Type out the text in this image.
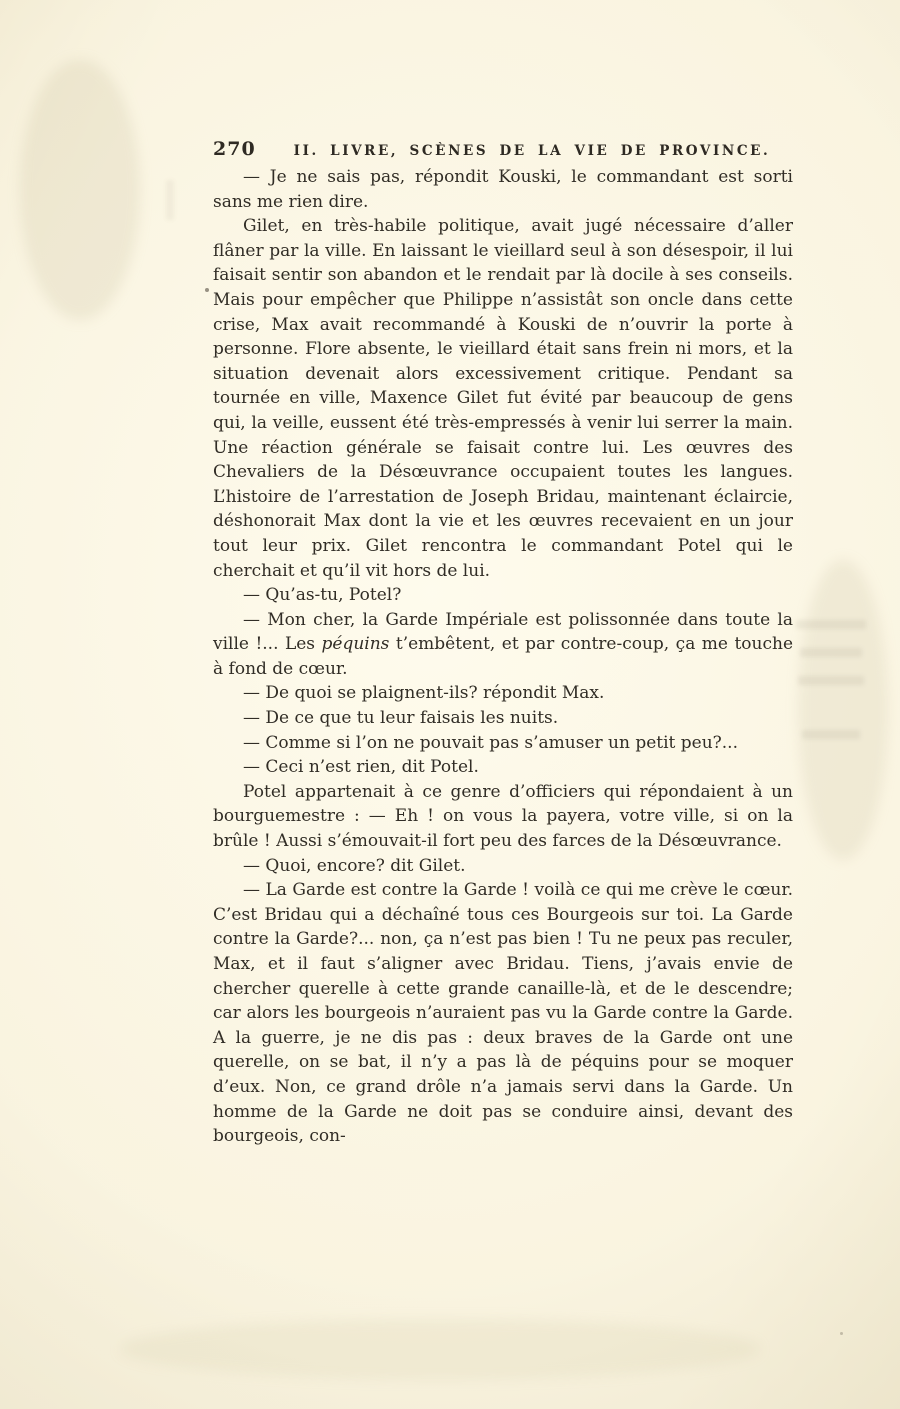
270	II. LIVRE, SCÈNES DE LA VIE DE PROVINCE.

— Je ne sais pas, répondit Kouski, le commandant est sorti sans me rien dire.

Gilet, en très-habile politique, avait jugé nécessaire d’aller flâner par la ville. En laissant le vieillard seul à son désespoir, il lui faisait sentir son abandon et le rendait par là docile à ses conseils. Mais pour empêcher que Philippe n’assistât son oncle dans cette crise, Max avait recommandé à Kouski de n’ouvrir la porte à personne. Flore absente, le vieillard était sans frein ni mors, et la situation devenait alors excessivement critique. Pendant sa tournée en ville, Maxence Gilet fut évité par beaucoup de gens qui, la veille, eussent été très-empressés à venir lui serrer la main. Une réaction générale se faisait contre lui. Les œuvres des Chevaliers de la Désœuvrance occupaient toutes les langues. L’histoire de l’arrestation de Joseph Bridau, maintenant éclaircie, déshonorait Max dont la vie et les œuvres recevaient en un jour tout leur prix. Gilet rencontra le commandant Potel qui le cherchait et qu’il vit hors de lui.

— Qu’as-tu, Potel?

— Mon cher, la Garde Impériale est polissonnée dans toute la ville !... Les péquins t’embêtent, et par contre-coup, ça me touche à fond de cœur.

— De quoi se plaignent-ils? répondit Max.

— De ce que tu leur faisais les nuits.

— Comme si l’on ne pouvait pas s’amuser un petit peu?...

— Ceci n’est rien, dit Potel.

Potel appartenait à ce genre d’officiers qui répondaient à un bourguemestre : — Eh ! on vous la payera, votre ville, si on la brûle ! Aussi s’émouvait-il fort peu des farces de la Désœuvrance.

— Quoi, encore? dit Gilet.

— La Garde est contre la Garde ! voilà ce qui me crève le cœur. C’est Bridau qui a déchaîné tous ces Bourgeois sur toi. La Garde contre la Garde?... non, ça n’est pas bien ! Tu ne peux pas reculer, Max, et il faut s’aligner avec Bridau. Tiens, j’avais envie de chercher querelle à cette grande canaille-là, et de le descendre; car alors les bourgeois n’auraient pas vu la Garde contre la Garde. A la guerre, je ne dis pas : deux braves de la Garde ont une querelle, on se bat, il n’y a pas là de péquins pour se moquer d’eux. Non, ce grand drôle n’a jamais servi dans la Garde. Un homme de la Garde ne doit pas se conduire ainsi, devant des bourgeois, con-
